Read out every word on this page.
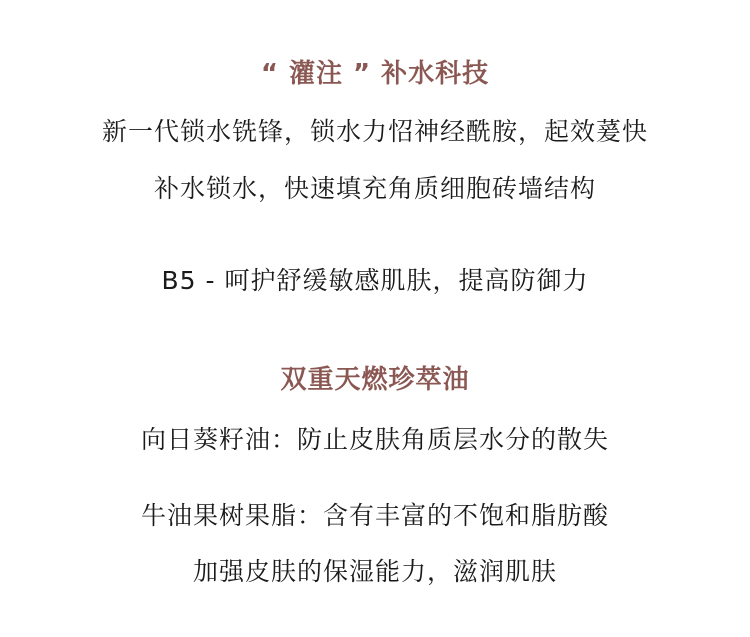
“ 灌注 ” 补水科技
新一代锁水铣锋，锁水力怊神经酰胺，起效萲快
补水锁水，快速填充角质细胞砖墙结构
B5 - 呵护舒缓敏感肌肤，提高防御力
双重天燃珍萃油
向日葵籽油：防止皮肤角质层水分的散失
牛油果树果脂：含有丰富的不饱和脂肪酸
加强皮肤的保湿能力，滋润肌肤
